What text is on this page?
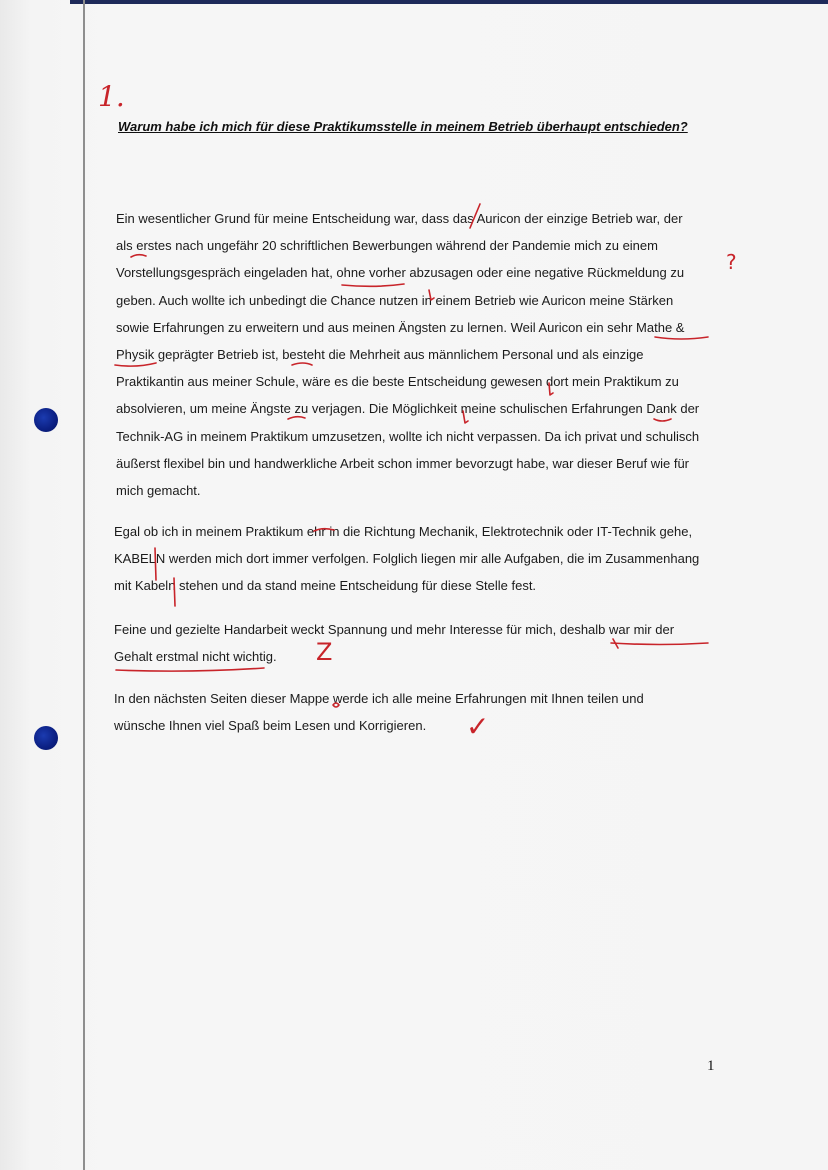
1.
Warum habe ich mich für diese Praktikumsstelle in meinem Betrieb überhaupt entschieden?
Ein wesentlicher Grund für meine Entscheidung war, dass das Auricon der einzige Betrieb war, der
als erstes nach ungefähr 20 schriftlichen Bewerbungen während der Pandemie mich zu einem
Vorstellungsgespräch eingeladen hat, ohne vorher abzusagen oder eine negative Rückmeldung zu
geben. Auch wollte ich unbedingt die Chance nutzen in einem Betrieb wie Auricon meine Stärken
sowie Erfahrungen zu erweitern und aus meinen Ängsten zu lernen. Weil Auricon ein sehr Mathe &
Physik geprägter Betrieb ist, besteht die Mehrheit aus männlichem Personal und als einzige
Praktikantin aus meiner Schule, wäre es die beste Entscheidung gewesen dort mein Praktikum zu
absolvieren, um meine Ängste zu verjagen. Die Möglichkeit meine schulischen Erfahrungen Dank der
Technik-AG in meinem Praktikum umzusetzen, wollte ich nicht verpassen. Da ich privat und schulisch
äußerst flexibel bin und handwerkliche Arbeit schon immer bevorzugt habe, war dieser Beruf wie für
mich gemacht.
Egal ob ich in meinem Praktikum ehr in die Richtung Mechanik, Elektrotechnik oder IT-Technik gehe,
KABELN werden mich dort immer verfolgen. Folglich liegen mir alle Aufgaben, die im Zusammenhang
mit Kabeln stehen und da stand meine Entscheidung für diese Stelle fest.
Feine und gezielte Handarbeit weckt Spannung und mehr Interesse für mich, deshalb war mir der
Gehalt erstmal nicht wichtig.
In den nächsten Seiten dieser Mappe werde ich alle meine Erfahrungen mit Ihnen teilen und
wünsche Ihnen viel Spaß beim Lesen und Korrigieren.
1
?
Z
✓
